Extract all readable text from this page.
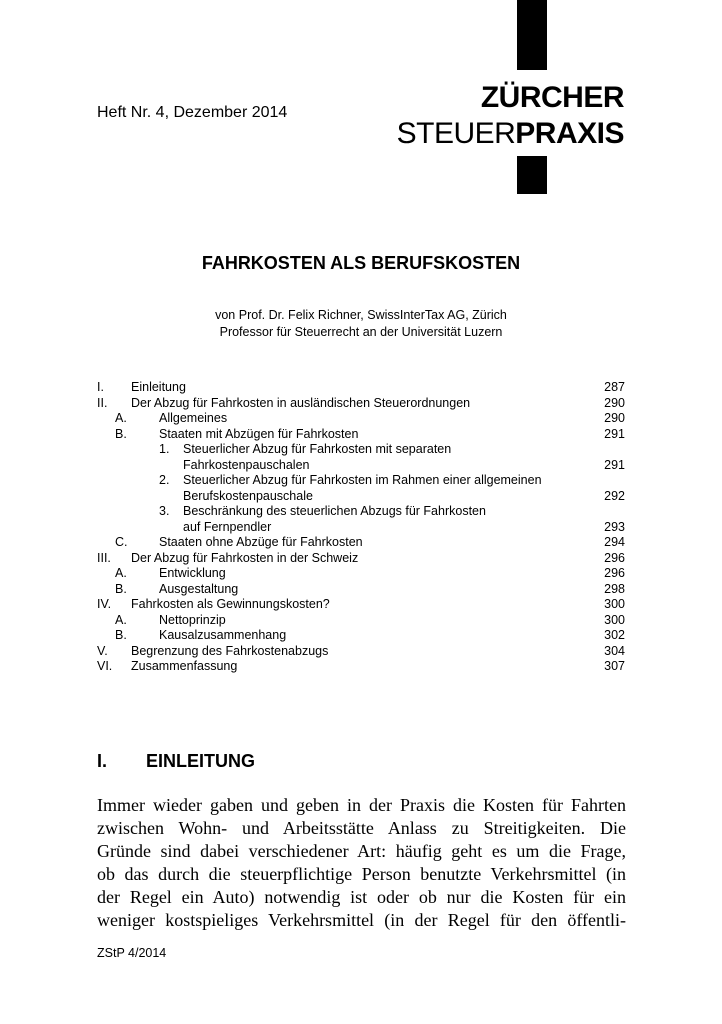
Heft Nr. 4, Dezember 2014	ZÜRCHER
STEUERPRAXIS
FAHRKOSTEN ALS BERUFSKOSTEN
von Prof. Dr. Felix Richner, SwissInterTax AG, Zürich
Professor für Steuerrecht an der Universität Luzern
I. Einleitung	287
II. Der Abzug für Fahrkosten in ausländischen Steuerordnungen	290
A.	Allgemeines	290
B.	Staaten mit Abzügen für Fahrkosten	291
1. Steuerlicher Abzug für Fahrkosten mit separaten
Fahrkostenpauschalen	291
2. Steuerlicher Abzug für Fahrkosten im Rahmen einer allgemeinen
Berufskostenpauschale	292
3. Beschränkung des steuerlichen Abzugs für Fahrkosten
auf Fernpendler	293
C.	Staaten ohne Abzüge für Fahrkosten	294
III. Der Abzug für Fahrkosten in der Schweiz	296
A.	Entwicklung	296
B.	Ausgestaltung	298
IV. Fahrkosten als Gewinnungskosten?	300
A.	Nettoprinzip	300
B.	Kausalzusammenhang	302
V. Begrenzung des Fahrkostenabzugs	304
VI. Zusammenfassung	307
I. EINLEITUNG
Immer wieder gaben und geben in der Praxis die Kosten für Fahrten
zwischen Wohn- und Arbeitsstätte Anlass zu Streitigkeiten. Die
Gründe sind dabei verschiedener Art: häufig geht es um die Frage,
ob das durch die steuerpflichtige Person benutzte Verkehrsmittel (in
der Regel ein Auto) notwendig ist oder ob nur die Kosten für ein
weniger kostspieliges Verkehrsmittel (in der Regel für den öffentli-
ZStP 4/2014
